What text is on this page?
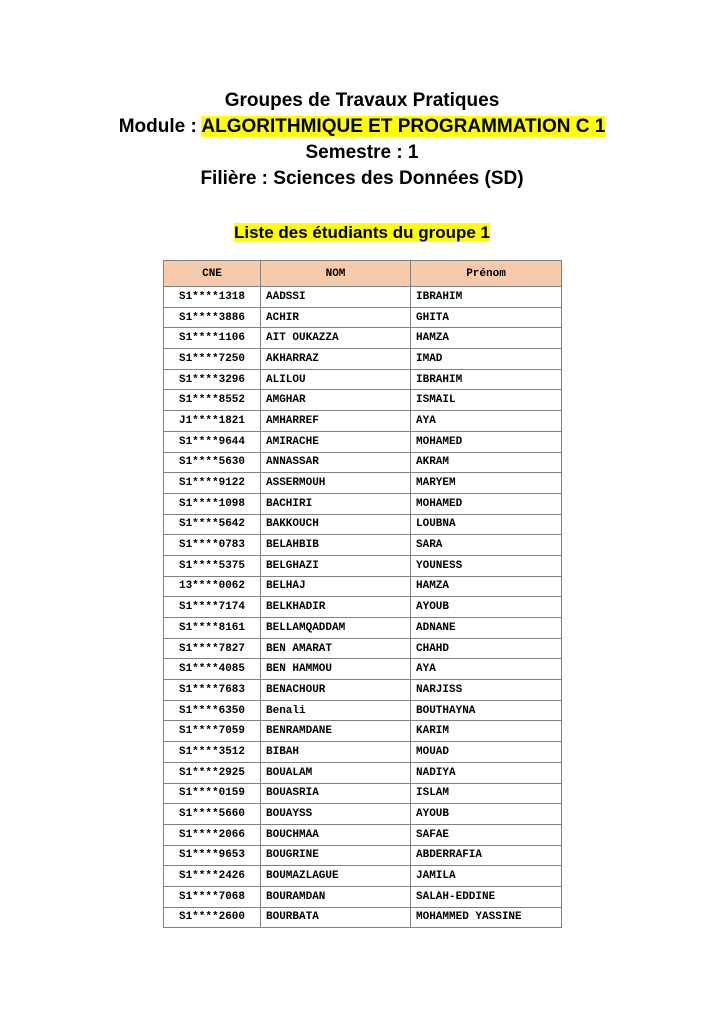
Groupes de Travaux Pratiques

Module : ALGORITHMIQUE ET PROGRAMMATION C 1

Semestre : 1

Filière : Sciences des Données (SD)

Liste des étudiants du groupe 1
CNE	NOM	Prénom
S1****1318	AADSSI	IBRAHIM
S1****3886	ACHIR	GHITA
S1****1106	AIT OUKAZZA	HAMZA
S1****7250	AKHARRAZ	IMAD
S1****3296	ALILOU	IBRAHIM
S1****8552	AMGHAR	ISMAIL
J1****1821	AMHARREF	AYA
S1****9644	AMIRACHE	MOHAMED
S1****5630	ANNASSAR	AKRAM
S1****9122	ASSERMOUH	MARYEM
S1****1098	BACHIRI	MOHAMED
S1****5642	BAKKOUCH	LOUBNA
S1****0783	BELAHBIB	SARA
S1****5375	BELGHAZI	YOUNESS
13****0062	BELHAJ	HAMZA
S1****7174	BELKHADIR	AYOUB
S1****8161	BELLAMQADDAM	ADNANE
S1****7827	BEN AMARAT	CHAHD
S1****4085	BEN HAMMOU	AYA
S1****7683	BENACHOUR	NARJISS
S1****6350	Benali	BOUTHAYNA
S1****7059	BENRAMDANE	KARIM
S1****3512	BIBAH	MOUAD
S1****2925	BOUALAM	NADIYA
S1****0159	BOUASRIA	ISLAM
S1****5660	BOUAYSS	AYOUB
S1****2066	BOUCHMAA	SAFAE
S1****9653	BOUGRINE	ABDERRAFIA
S1****2426	BOUMAZLAGUE	JAMILA
S1****7068	BOURAMDAN	SALAH-EDDINE
S1****2600	BOURBATA	MOHAMMED YASSINE
